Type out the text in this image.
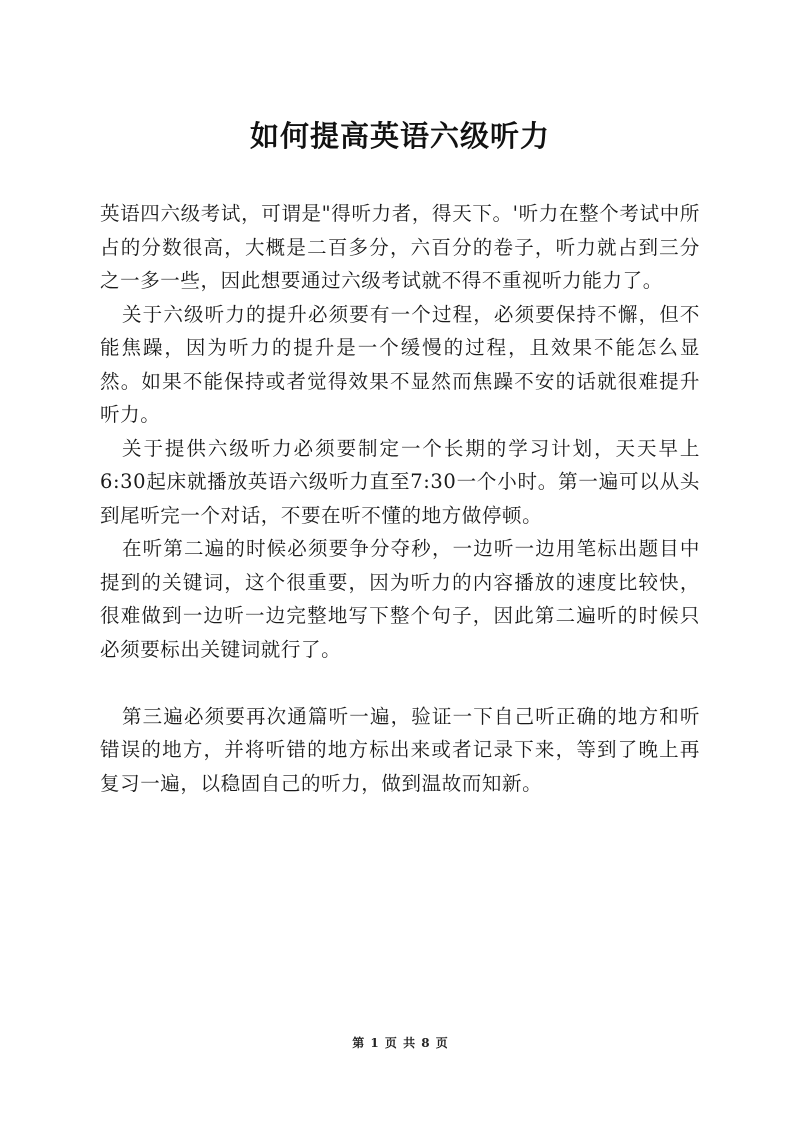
如何提高英语六级听力

英语四六级考试，可谓是"得听力者，得天下。'听力在整个考试中所占的分数很高，大概是二百多分，六百分的卷子，听力就占到三分之一多一些，因此想要通过六级考试就不得不重视听力能力了。

关于六级听力的提升必须要有一个过程，必须要保持不懈，但不能焦躁，因为听力的提升是一个缓慢的过程，且效果不能怎么显然。如果不能保持或者觉得效果不显然而焦躁不安的话就很难提升听力。

关于提供六级听力必须要制定一个长期的学习计划，天天早上6:30起床就播放英语六级听力直至7:30一个小时。第一遍可以从头到尾听完一个对话，不要在听不懂的地方做停顿。

在听第二遍的时候必须要争分夺秒，一边听一边用笔标出题目中提到的关键词，这个很重要，因为听力的内容播放的速度比较快，很难做到一边听一边完整地写下整个句子，因此第二遍听的时候只必须要标出关键词就行了。

第三遍必须要再次通篇听一遍，验证一下自己听正确的地方和听错误的地方，并将听错的地方标出来或者记录下来，等到了晚上再复习一遍，以稳固自己的听力，做到温故而知新。

第 1 页 共 8 页
